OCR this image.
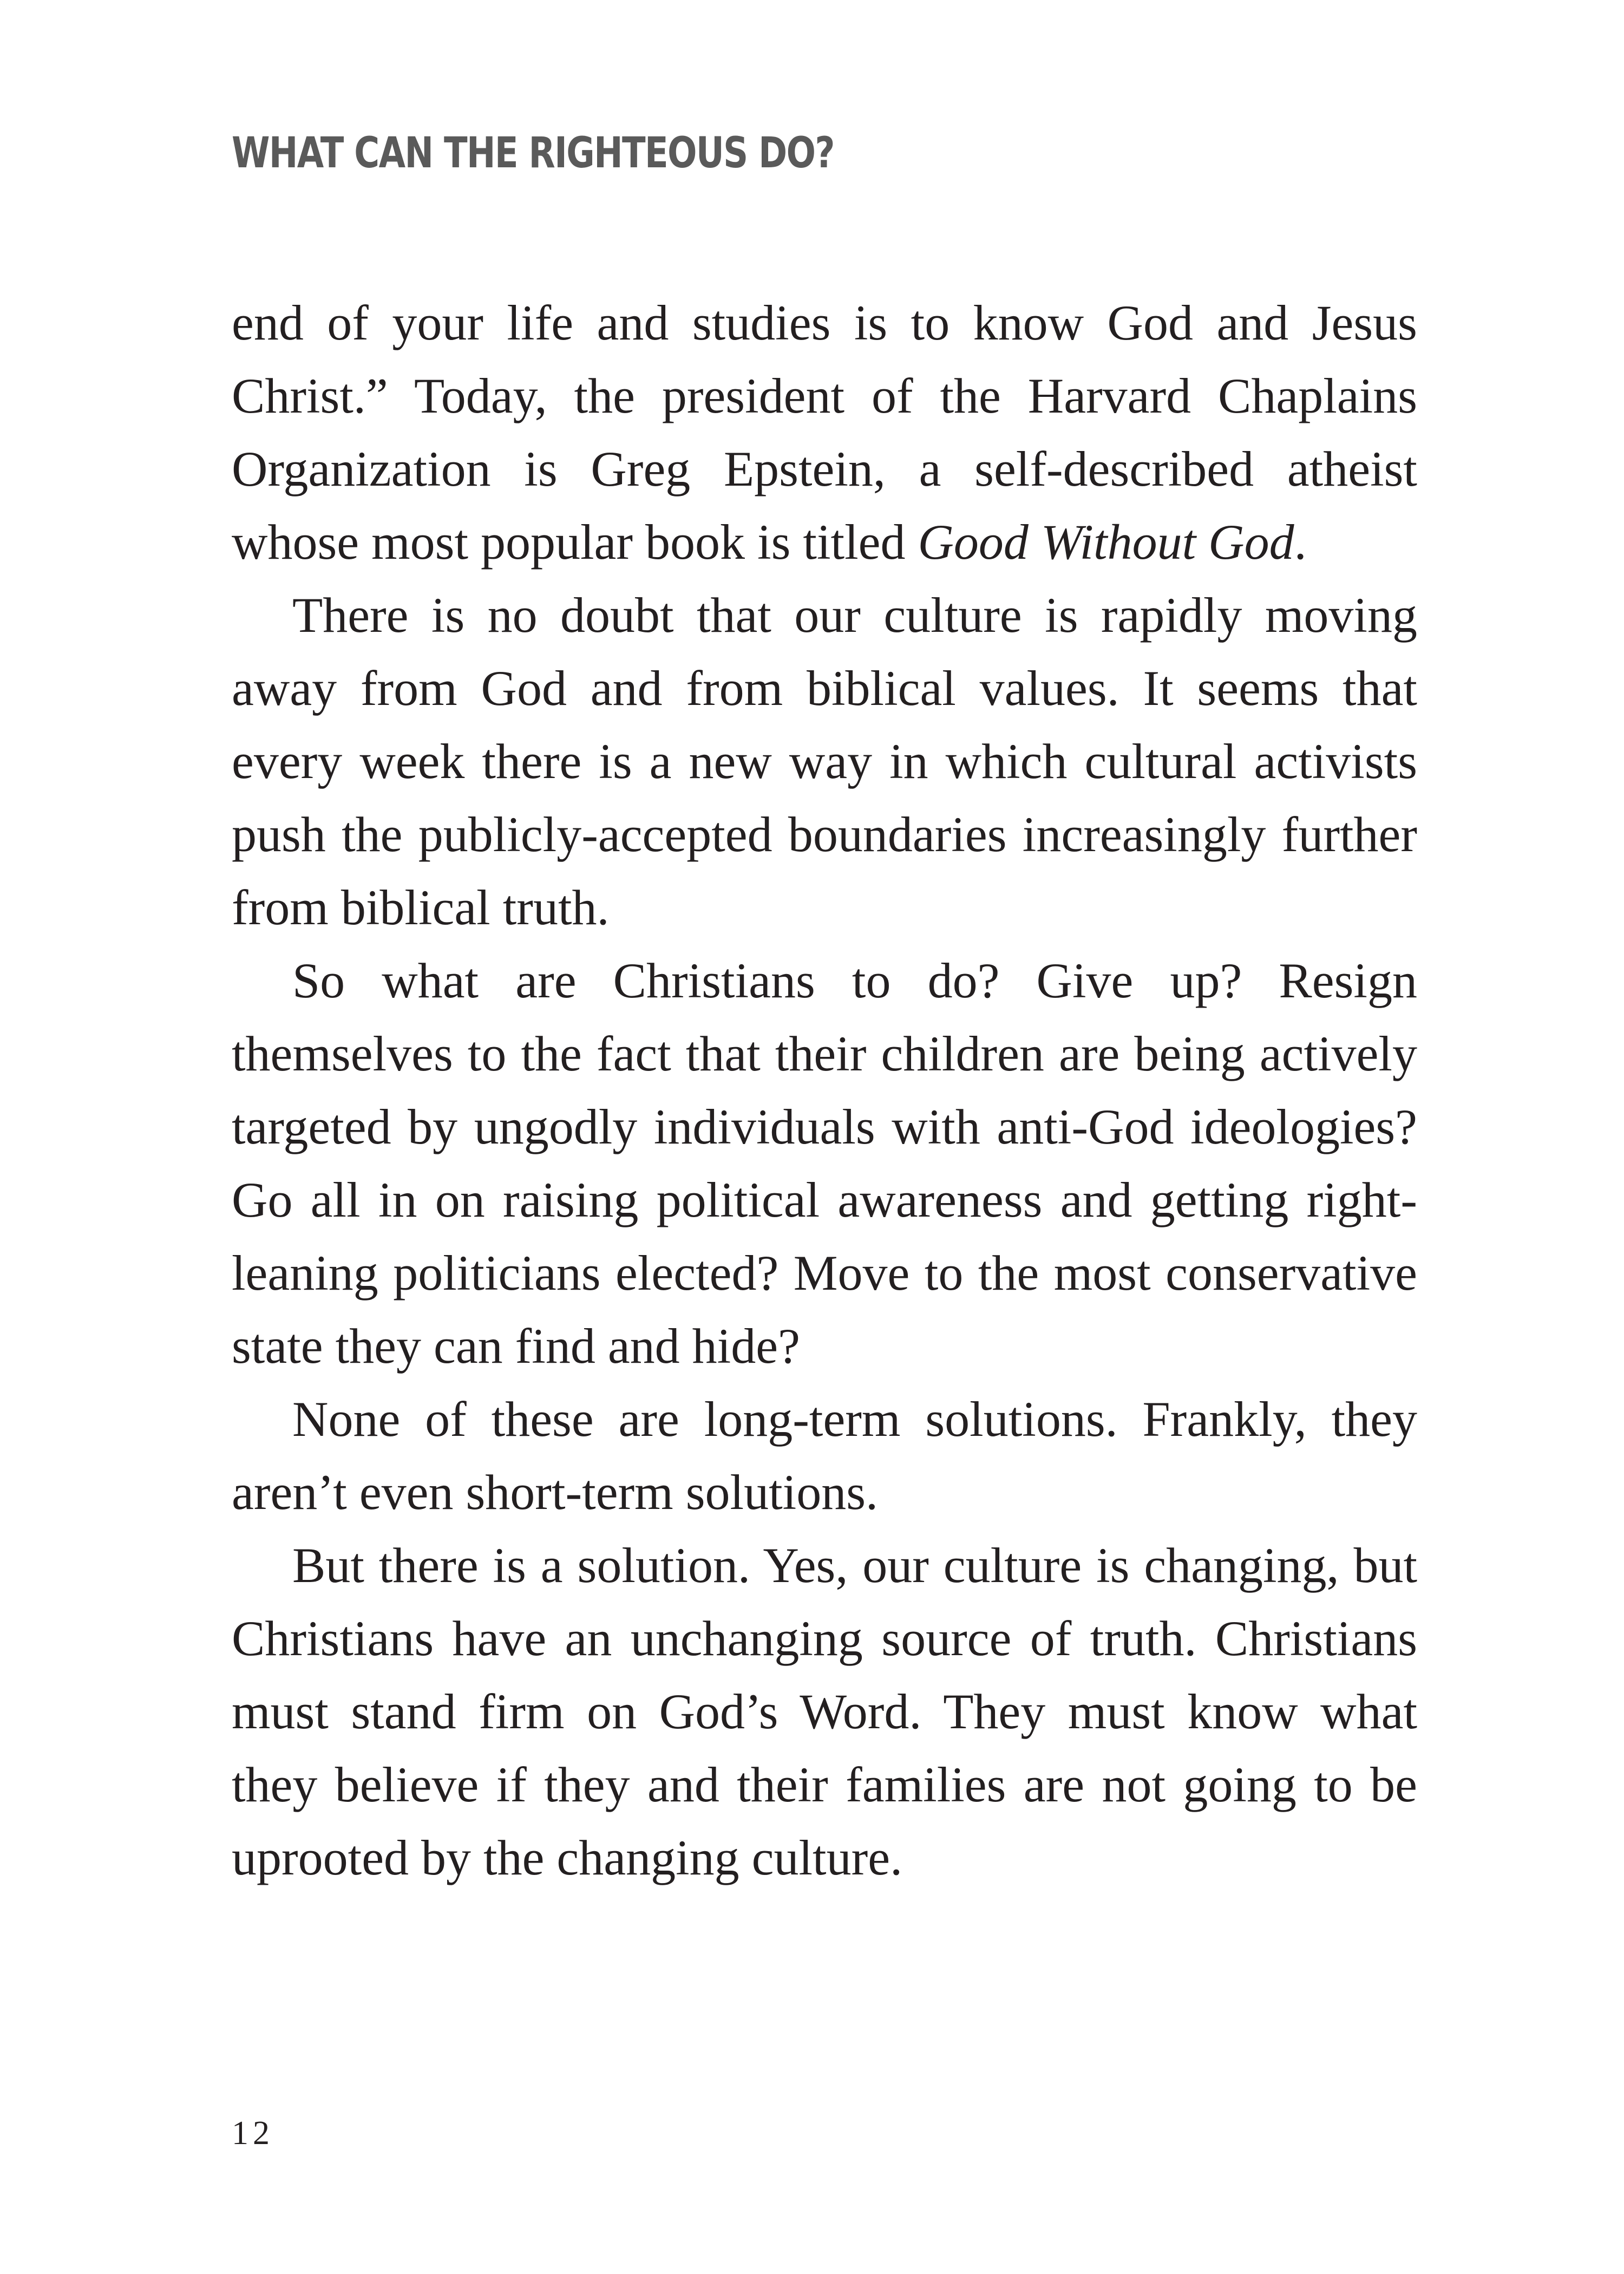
WHAT CAN THE RIGHTEOUS DO?

end of your life and studies is to know God and Jesus Christ.” Today, the president of the Harvard Chaplains Organization is Greg Epstein, a self-described atheist whose most popular book is titled Good Without God.

There is no doubt that our culture is rapidly moving away from God and from biblical values. It seems that every week there is a new way in which cultural activists push the publicly-accepted boundaries increasingly further from biblical truth.

So what are Christians to do? Give up? Resign themselves to the fact that their children are being actively targeted by ungodly individuals with anti-God ideologies? Go all in on raising political awareness and getting right-leaning politicians elected? Move to the most conservative state they can find and hide?

None of these are long-term solutions. Frankly, they aren’t even short-term solutions.

But there is a solution. Yes, our culture is changing, but Christians have an unchanging source of truth. Christians must stand firm on God’s Word. They must know what they believe if they and their families are not going to be uprooted by the changing culture.

12
